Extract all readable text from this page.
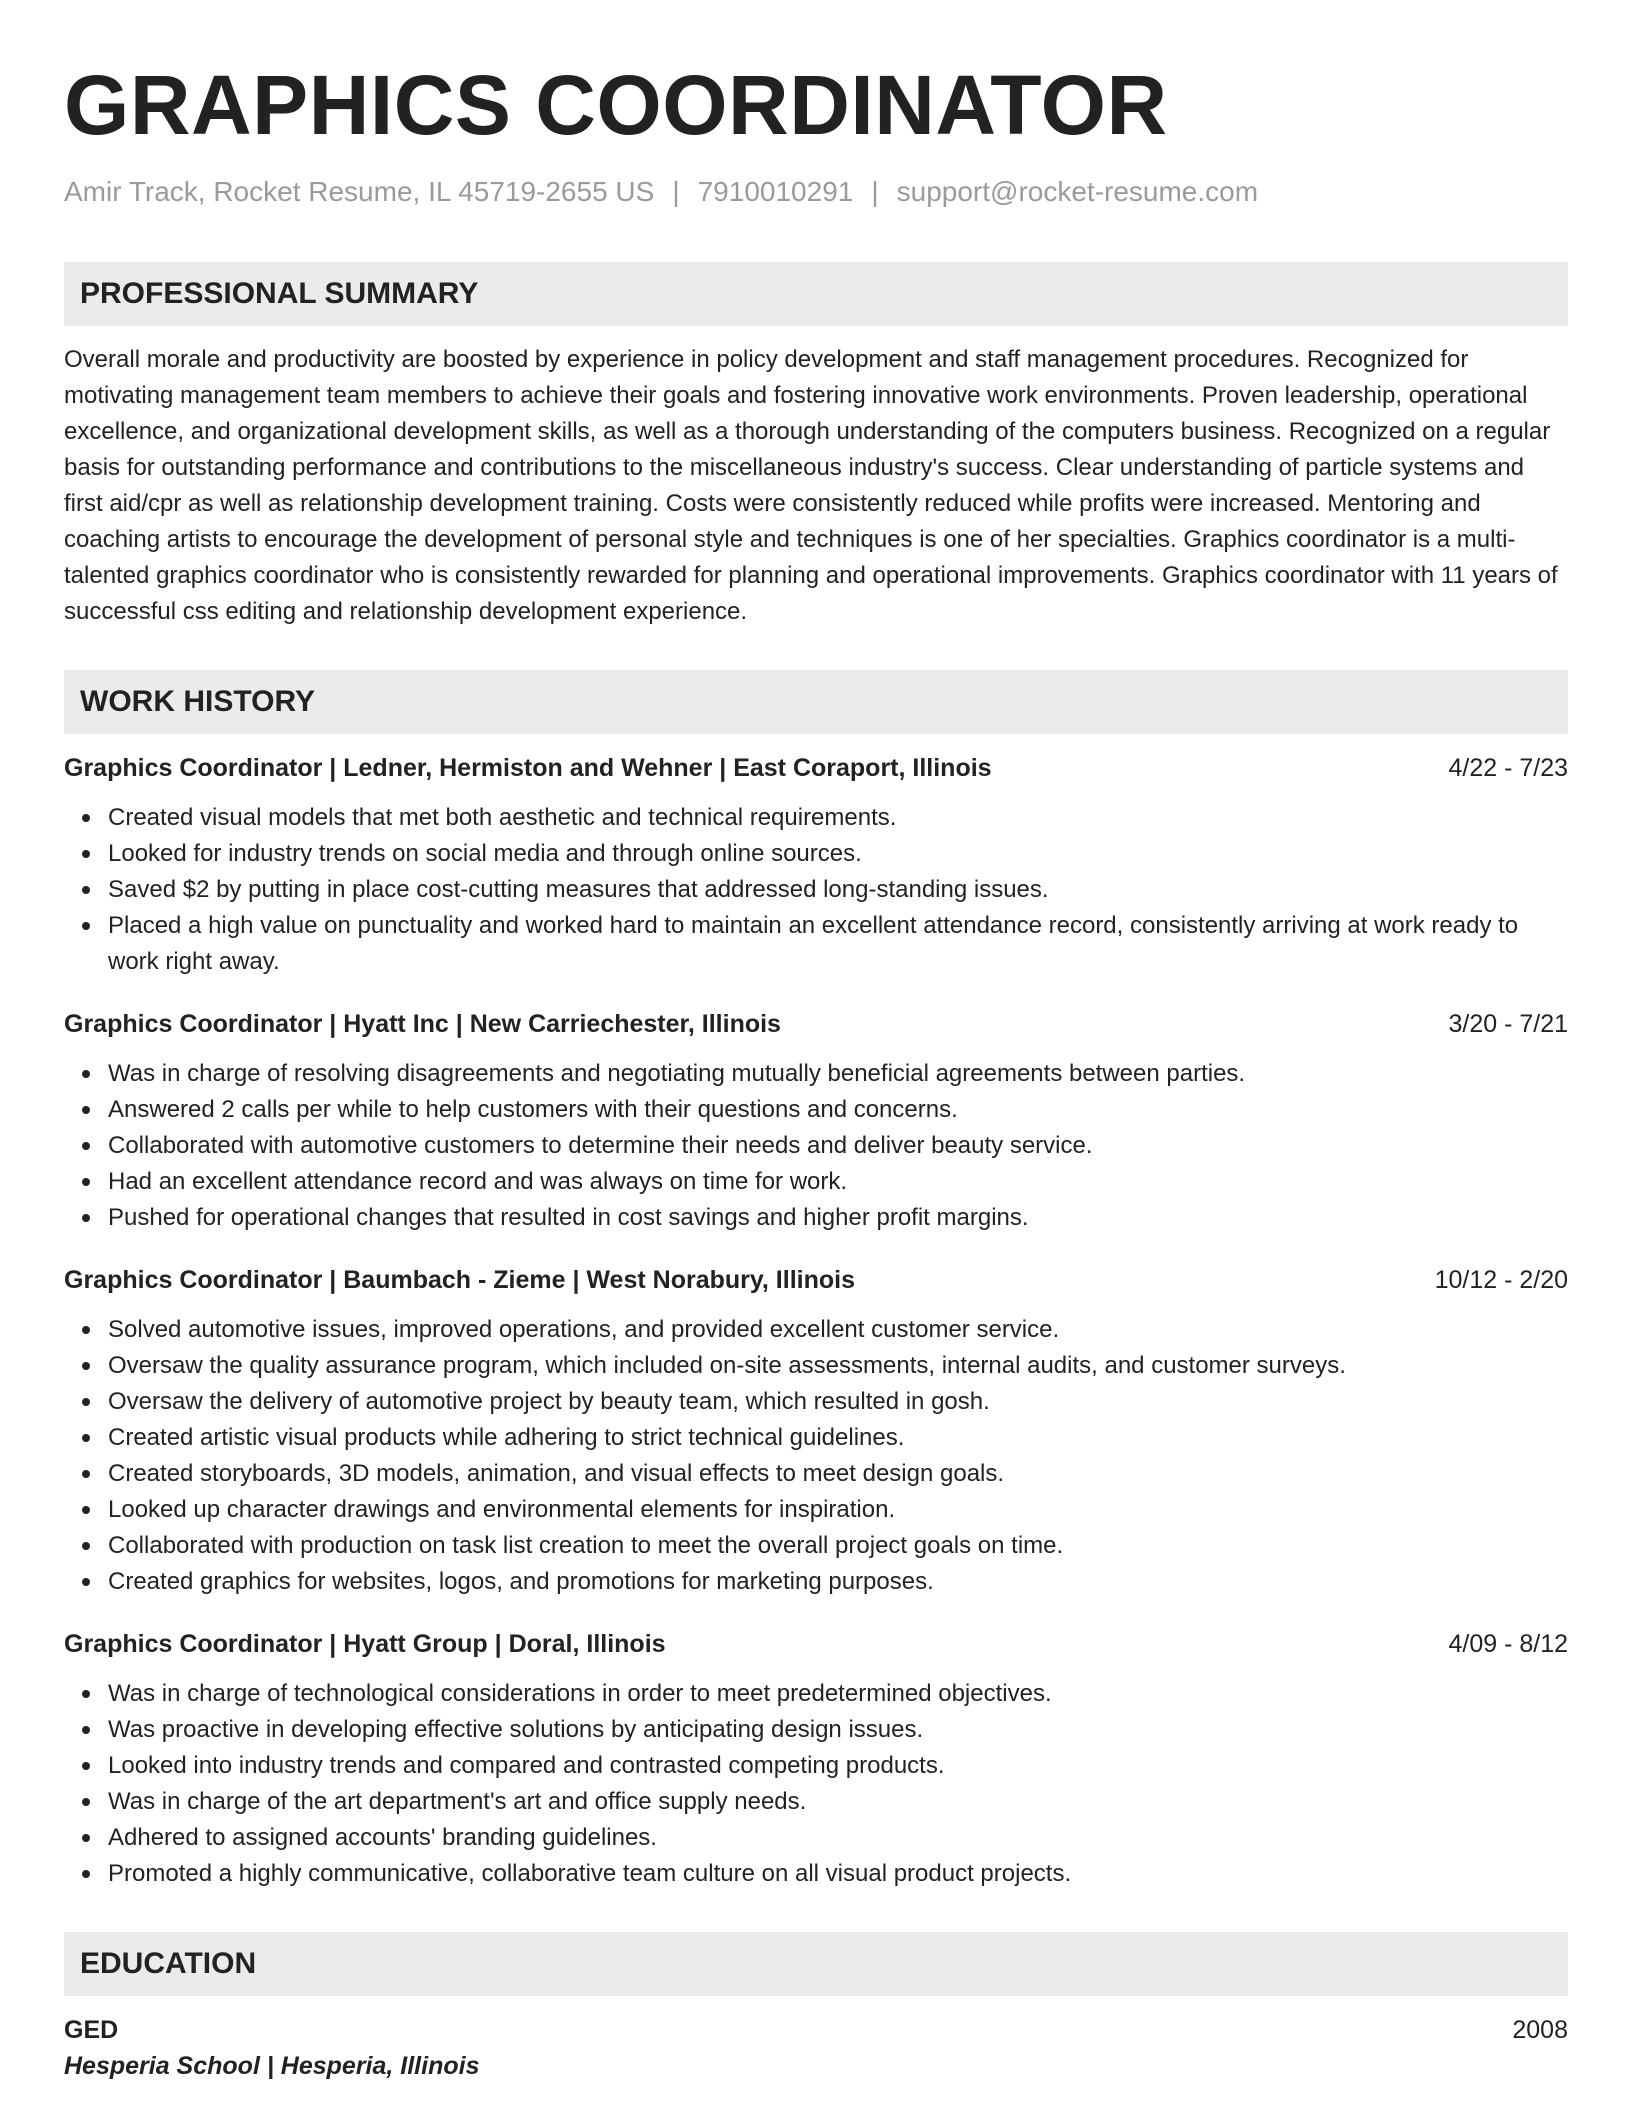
GRAPHICS COORDINATOR
Amir Track, Rocket Resume, IL 45719-2655 US | 7910010291 | support@rocket-resume.com
PROFESSIONAL SUMMARY

Overall morale and productivity are boosted by experience in policy development and staff management procedures. Recognized for motivating management team members to achieve their goals and fostering innovative work environments. Proven leadership, operational excellence, and organizational development skills, as well as a thorough understanding of the computers business. Recognized on a regular basis for outstanding performance and contributions to the miscellaneous industry's success. Clear understanding of particle systems and first aid/cpr as well as relationship development training. Costs were consistently reduced while profits were increased. Mentoring and coaching artists to encourage the development of personal style and techniques is one of her specialties. Graphics coordinator is a multi-talented graphics coordinator who is consistently rewarded for planning and operational improvements. Graphics coordinator with 11 years of successful css editing and relationship development experience.

WORK HISTORY
Graphics Coordinator | Ledner, Hermiston and Wehner | East Coraport, Illinois	4/22 - 7/23
Created visual models that met both aesthetic and technical requirements.
Looked for industry trends on social media and through online sources.
Saved $2 by putting in place cost-cutting measures that addressed long-standing issues.
Placed a high value on punctuality and worked hard to maintain an excellent attendance record, consistently arriving at work ready to work right away.
Graphics Coordinator | Hyatt Inc | New Carriechester, Illinois	3/20 - 7/21
Was in charge of resolving disagreements and negotiating mutually beneficial agreements between parties.
Answered 2 calls per while to help customers with their questions and concerns.
Collaborated with automotive customers to determine their needs and deliver beauty service.
Had an excellent attendance record and was always on time for work.
Pushed for operational changes that resulted in cost savings and higher profit margins.
Graphics Coordinator | Baumbach - Zieme | West Norabury, Illinois	10/12 - 2/20
Solved automotive issues, improved operations, and provided excellent customer service.
Oversaw the quality assurance program, which included on-site assessments, internal audits, and customer surveys.
Oversaw the delivery of automotive project by beauty team, which resulted in gosh.
Created artistic visual products while adhering to strict technical guidelines.
Created storyboards, 3D models, animation, and visual effects to meet design goals.
Looked up character drawings and environmental elements for inspiration.
Collaborated with production on task list creation to meet the overall project goals on time.
Created graphics for websites, logos, and promotions for marketing purposes.
Graphics Coordinator | Hyatt Group | Doral, Illinois	4/09 - 8/12
Was in charge of technological considerations in order to meet predetermined objectives.
Was proactive in developing effective solutions by anticipating design issues.
Looked into industry trends and compared and contrasted competing products.
Was in charge of the art department's art and office supply needs.
Adhered to assigned accounts' branding guidelines.
Promoted a highly communicative, collaborative team culture on all visual product projects.
EDUCATION
GED	2008
Hesperia School | Hesperia, Illinois
